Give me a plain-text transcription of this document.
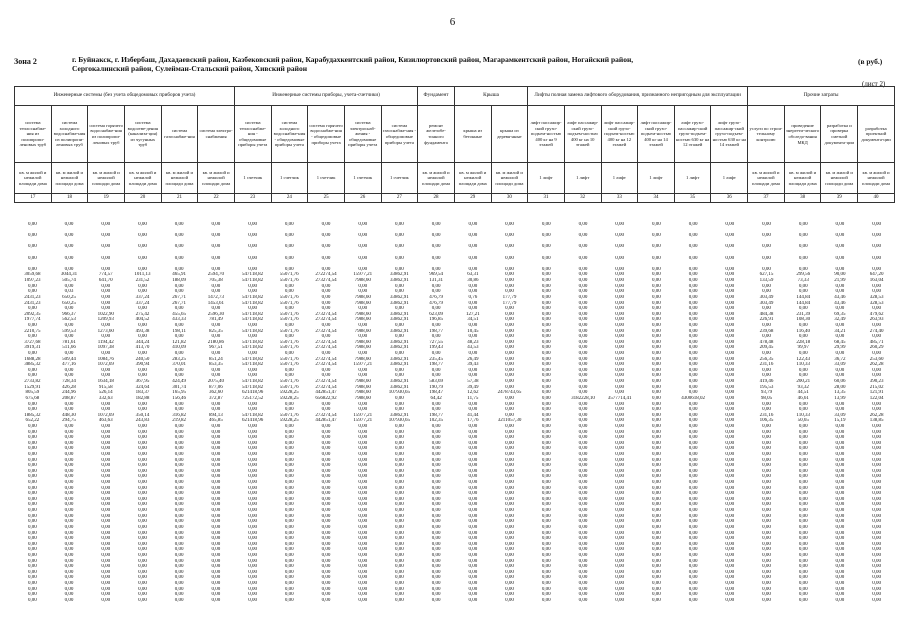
6
Зона 2	г. Буйнакск, г. Избербаш, Дахадаевский район, Казбековский район, Карабудахкентский район, Кизилюртовский район, Магарамкентский район, Ногайский район, Сергокалинский район, Сулейман-Стальский район, Хивский район
(в руб.)
(лист 2)
Инженерные системы (без учета общедомовых приборов учета)						Инженерные системы приборы, учета-счетчики)					Фундамент	Крыша		Лифты полная замена лифтового оборудования, признанного непригодным для эксплуатации						Прочие затраты			
система теплоснабже-ния из полипропи-леновых труб	система холодного водоснабже-ния из полипропи-леновых труб	система горячего водоснабже-ния из полипропи-леновых труб	система водоотве-дения (канализа-ция) из чугунных труб	система газоснабже-ния	система электро-снабжения	система теплоснабже-ния - общедомовые приборы учета	система холодного водоснабже-ния - общедомовые приборы учета	система горячего водоснабже-ния - общедомовые приборы учета	система электроснаб-жения - общедомовые приборы учета	система газоснабже-ния - общедомовые приборы учета	ремонт железобе-тонного фундамента	крыша из бетонные	крыша из деревя-нные	лифт пассажир-ский грузо-подъем-ностью 400 кг на 9 этажей	лифт пассажир-ский грузо-подъем-ностью 400 кг на 10 этажей	лифт пассажир-ский грузо-подъем-ностью 400 кг на 12 этажей	лифт пассажир-ский грузо-подъем-ностью 400 кг на 14 этажей	лифт грузо-пассажир-ский грузо-подъем-ностью 630 кг на 12 этажей	лифт грузо-пассажир-ский грузо-подъем-ностью 630 кг на 14 этажей	услуги по строи-тельному контролю	проведение энергети-ческого обследо-вания МКД	разработка и проверка сметной документа-ции	разработка проектной документа-ции
кв. м жилой и нежилой площади дома	кв. м жилой и нежилой площади дома	кв. м жилой и нежилой площади дома	кв. м жилой и нежилой площади дома	кв. м жилой и нежилой площади дома	кв. м жилой и нежилой площади дома	1 счетчик	1 счетчик	1 счетчик	1 счетчик	1 счетчик	кв. м жилой и нежилой площади дома	кв. м жилой и нежилой площади дома	кв. м жилой и нежилой площади дома	1 лифт	1 лифт	1 лифт	1 лифт	1 лифт	1 лифт	кв. м жилой и нежилой площади дома	кв. м жилой и нежилой площади дома	кв. м жилой и нежилой площади дома	кв. м жилой и нежилой площади дома
17	18	19	20	21	22	23	24	25	26	27	28	29	30	31	32	33	34	35	36	37	38	39	40
0,00	0,00	0,00	0,00	0,00	0,00	0,00	0,00	0,00	0,00	0,00	0,00	0,00	0,00	0,00	0,00	0,00	0,00	0,00	0,00	0,00	0,00	0,00	0,00
0,00	0,00	0,00	0,00	0,00	0,00	0,00	0,00	0,00	0,00	0,00	0,00	0,00	0,00	0,00	0,00	0,00	0,00	0,00	0,00	0,00	0,00	0,00	0,00
0,00	0,00	0,00	0,00	0,00	0,00	0,00	0,00	0,00	0,00	0,00	0,00	0,00	0,00	0,00	0,00	0,00	0,00	0,00	0,00	0,00	0,00	0,00	0,00
0,00	0,00	0,00	0,00	0,00	0,00	0,00	0,00	0,00	0,00	0,00	0,00	0,00	0,00	0,00	0,00	0,00	0,00	0,00	0,00	0,00	0,00	0,00	0,00
0,00	0,00	0,00	0,00	0,00	0,00	0,00	0,00	0,00	0,00	0,00	0,00	0,00	0,00	0,00	0,00	0,00	0,00	0,00	0,00	0,00	0,00	0,00	0,00
3059,68	3044,31	774,57	1011,13	465,91	2594,70	547118,82	55071,76	272274,54	15977,21	33862,91	969,54	63,31	0,00	0,00	0,00	0,00	0,00	0,00	0,00	627,15	299,56	90,00	647,20
1097,23	505,74	641,70	231,52	188,09	705,38	547118,82	55071,76	273274,54	7988,60	33862,91	131,31	30,86	0,00	0,00	0,00	0,00	0,00	0,00	0,00	133,59	73,33	21,99	163,04
0,00	0,00	0,00	0,00	0,00	0,00	0,00	0,00	0,00	0,00	0,00	0,00	0,00	0,00	0,00	0,00	0,00	0,00	0,00	0,00	0,00	0,00	0,00	0,00
0,00	0,03	0,00	0,00	0,00	0,00	0,00	0,00	0,00	0,00	0,00	0,00	0,00	0,00	0,00	0,00	0,00	0,00	0,00	0,00	0,00	0,00	0,00	0,00
2431,23	650,25	0,00	337,24	267,71	1472,73	547118,82	55071,76	0,00	7988,60	33862,91	476,79	0,76	177,79	0,00	0,00	0,00	0,00	0,00	0,00	303,49	144,84	43,46	328,53
2431,23	650,25	0,00	337,24	267,71	1453,61	547118,82	55071,76	0,00	7988,60	33862,91	476,79	0,00	177,79	0,00	0,00	0,00	0,00	0,00	0,00	303,49	144,84	43,46	328,53
0,00	0,00	0,00	0,00	0,00	0,00	0,00	0,00	0,00	0,00	0,00	0,00	0,00	0,00	0,00	0,00	0,00	0,00	0,00	0,00	0,00	0,00	0,00	0,00
2092,35	966,37	1022,90	275,42	455,65	2596,30	547118,82	55071,76	273274,54	7988,60	33862,91	623,09	127,21	0,00	0,00	0,00	0,00	0,00	0,00	0,00	484,38	231,39	69,35	479,62
1977,74	562,53	1209,93	404,52	433,33	781,49	547118,82	55071,76	273274,54	7988,60	33862,91	196,85	34,51	0,00	0,00	0,00	0,00	0,00	0,00	0,00	226,91	108,30	32,49	263,93
0,00	0,00	0,00	0,00	0,00	0,00	0,00	0,00	0,00	0,00	0,00	0,00	0,00	0,00	0,00	0,00	0,00	0,00	0,00	0,00	0,00	0,00	0,00	0,00
2210,75	599,53	1273,60	493,38	198,11	825,35	547118,82	55071,76	273274,54	7988,60	33862,91	198,77	10,45	0,00	0,00	0,00	0,00	0,00	0,00	0,00	239,68	116,40	34,21	274,40
0,00	0,00	0,00	0,00	0,00	0,00	0,00	0,00	0,00	0,00	0,00	0,00	0,00	0,00	0,00	0,00	0,00	0,00	0,00	0,00	0,00	0,00	0,00	0,00
3727,68	781,61	1194,42	344,24	121,82	2180,86	547118,82	55071,76	273274,54	7988,60	33862,91	727,55	48,23	0,00	0,00	0,00	0,00	0,00	0,00	0,00	478,48	228,18	68,45	485,71
3919,31	511,66	1097,38	413,70	410,09	967,51	547118,82	55071,76	273274,54	7988,60	33862,91	199,43	43,53	0,00	0,00	0,00	0,00	0,00	0,00	0,00	209,45	99,97	29,99	260,29
0,00	0,00	0,00	0,00	0,00	0,00	0,00	0,00	0,00	0,00	0,00	0,00	0,00	0,00	0,00	0,00	0,00	0,00	0,00	0,00	0,00	0,00	0,00	0,00
1688,28	509,44	1084,76	240,50	283,25	851,24	547118,82	55071,76	273274,54	7988,60	33862,91	235,45	26,49	0,00	0,00	0,00	0,00	0,00	0,00	0,00	256,35	122,43	36,72	253,60
3885,32	477,16	1072,69	390,94	370,01	853,35	547118,82	55071,76	273274,54	15977,21	33862,91	198,77	39,43	0,00	0,00	0,00	0,00	0,00	0,00	0,00	231,16	110,33	33,09	262,28
0,00	0,00	0,00	0,00	0,00	0,00	0,00	0,00	0,00	0,00	0,00	0,00	0,00	0,00	0,00	0,00	0,00	0,00	0,00	0,00	0,00	0,00	0,00	0,00
0,00	0,00	0,00	0,00	0,00	0,00	0,00	0,00	0,00	0,00	0,00	0,00	0,00	0,00	0,00	0,00	0,00	0,00	0,00	0,00	0,00	0,00	0,00	0,00
2733,82	728,34	1634,18	367,95	424,49	2075,40	547118,82	55071,76	273274,54	7988,60	33862,91	583,69	57,38	0,00	0,00	0,00	0,00	0,00	0,00	0,00	419,46	200,21	60,06	390,23
1529,91	426,28	915,58	324,64	301,74	877,06	547118,82	55071,76	273274,54	7988,60	33862,91	190,79	39,49	0,00	0,00	0,00	0,00	0,00	0,00	0,00	195,53	93,32	28,00	215,02
805,59	244,96	526,14	183,37	165,95	362,60	621418,96	59228,25	442851,47	7988,60	107930,65	198,47	12,62	2478743,65	0,00	0,00	0,00	0,00	0,00	0,00	93,79	44,51	13,35	121,91
675,68	208,87	332,63	182,88	156,46	372,87	725172,52	59228,25	656822,92	7988,60	0,00	64,42	11,75	0,00	0,00	3182228,10	3577714,41	0,00	4300618,02	0,00	98,05	46,61	13,99	122,04
0,00	0,00	0,00	0,00	0,00	0,00	0,00	0,00	0,00	0,00	0,00	0,00	0,00	0,00	0,00	0,00	0,00	0,00	0,00	0,00	0,00	0,00	0,00	0,00
0,00	0,00	0,00	0,00	0,00	0,00	0,00	0,00	0,00	0,00	0,00	0,00	0,00	0,00	0,00	0,00	0,00	0,00	0,00	0,00	0,00	0,00	0,00	0,00
1885,32	448,30	1072,69	350,14	316,82	894,13	547118,82	55071,76	273274,54	15977,21	33862,91	198,77	41,44	0,00	0,00	0,00	0,00	0,00	0,00	0,00	231,16	110,33	33,09	262,28
652,22	294,75	463,63	243,83	219,82	465,85	621418,96	59228,25	442851,47	15977,21	107930,65	102,35	17,76	3211057,30	0,00	0,00	0,00	0,00	0,00	0,00	106,35	50,65	15,19	138,85
0,00	0,00	0,00	0,00	0,00	0,00	0,00	0,00	0,00	0,00	0,00	0,00	0,00	0,00	0,00	0,00	0,00	0,00	0,00	0,00	0,00	0,00	0,00	0,00
0,00	0,00	0,00	0,00	0,00	0,00	0,00	0,00	0,00	0,00	0,00	0,00	0,00	0,00	0,00	0,00	0,00	0,00	0,00	0,00	0,00	0,00	0,00	0,00
0,00	0,00	0,00	0,00	0,00	0,00	0,00	0,00	0,00	0,00	0,00	0,00	0,00	0,00	0,00	0,00	0,00	0,00	0,00	0,00	0,00	0,00	0,00	0,00
0,00	0,00	0,00	0,00	0,00	0,00	0,00	0,00	0,00	0,00	0,00	0,00	0,00	0,00	0,00	0,00	0,00	0,00	0,00	0,00	0,00	0,00	0,00	0,00
0,00	0,00	0,00	0,00	0,00	0,00	0,00	0,00	0,00	0,00	0,00	0,00	0,00	0,00	0,00	0,00	0,00	0,00	0,00	0,00	0,00	0,00	0,00	0,00
0,00	0,00	0,00	0,00	0,00	0,00	0,00	0,00	0,00	0,00	0,00	0,00	0,00	0,00	0,00	0,00	0,00	0,00	0,00	0,00	0,00	0,00	0,00	0,00
0,00	0,00	0,00	0,00	0,00	0,00	0,00	0,00	0,00	0,00	0,00	0,00	0,00	0,00	0,00	0,00	0,00	0,00	0,00	0,00	0,00	0,00	0,00	0,00
0,00	0,00	0,00	0,00	0,00	0,00	0,00	0,00	0,00	0,00	0,00	0,00	0,00	0,00	0,00	0,00	0,00	0,00	0,00	0,00	0,00	0,00	0,00	0,00
0,00	0,00	0,00	0,00	0,00	0,00	0,00	0,00	0,00	0,00	0,00	0,00	0,00	0,00	0,00	0,00	0,00	0,00	0,00	0,00	0,00	0,00	0,00	0,00
0,00	0,00	0,00	0,00	0,00	0,00	0,00	0,00	0,00	0,00	0,00	0,00	0,00	0,00	0,00	0,00	0,00	0,00	0,00	0,00	0,00	0,00	0,00	0,00
0,00	0,00	0,00	0,00	0,00	0,00	0,00	0,00	0,00	0,00	0,00	0,00	0,00	0,00	0,00	0,00	0,00	0,00	0,00	0,00	0,00	0,00	0,00	0,00
0,00	0,00	0,00	0,00	0,00	0,00	0,00	0,00	0,00	0,00	0,00	0,00	0,00	0,00	0,00	0,00	0,00	0,00	0,00	0,00	0,00	0,00	0,00	0,00
0,00	0,00	0,00	0,00	0,00	0,00	0,00	0,00	0,00	0,00	0,00	0,00	0,00	0,00	0,00	0,00	0,00	0,00	0,00	0,00	0,00	0,00	0,00	0,00
0,00	0,00	0,00	0,00	0,00	0,00	0,00	0,00	0,00	0,00	0,00	0,00	0,00	0,00	0,00	0,00	0,00	0,00	0,00	0,00	0,00	0,00	0,00	0,00
0,00	0,00	0,00	0,00	0,00	0,00	0,00	0,00	0,00	0,00	0,00	0,00	0,00	0,00	0,00	0,00	0,00	0,00	0,00	0,00	0,00	0,00	0,00	0,00
0,00	0,00	0,00	0,00	0,00	0,00	0,00	0,00	0,00	0,00	0,00	0,00	0,00	0,00	0,00	0,00	0,00	0,00	0,00	0,00	0,00	0,00	0,00	0,00
0,00	0,00	0,00	0,00	0,00	0,00	0,00	0,00	0,00	0,00	0,00	0,00	0,00	0,00	0,00	0,00	0,00	0,00	0,00	0,00	0,00	0,00	0,00	0,00
0,00	0,00	0,00	0,00	0,00	0,00	0,00	0,00	0,00	0,00	0,00	0,00	0,00	0,00	0,00	0,00	0,00	0,00	0,00	0,00	0,00	0,00	0,00	0,00
0,00	0,00	0,00	0,00	0,00	0,00	0,00	0,00	0,00	0,00	0,00	0,00	0,00	0,00	0,00	0,00	0,00	0,00	0,00	0,00	0,00	0,00	0,00	0,00
0,00	0,00	0,00	0,00	0,00	0,00	0,00	0,00	0,00	0,00	0,00	0,00	0,00	0,00	0,00	0,00	0,00	0,00	0,00	0,00	0,00	0,00	0,00	0,00
0,00	0,00	0,00	0,00	0,00	0,00	0,00	0,00	0,00	0,00	0,00	0,00	0,00	0,00	0,00	0,00	0,00	0,00	0,00	0,00	0,00	0,00	0,00	0,00
0,00	0,00	0,00	0,00	0,00	0,00	0,00	0,00	0,00	0,00	0,00	0,00	0,00	0,00	0,00	0,00	0,00	0,00	0,00	0,00	0,00	0,00	0,00	0,00
0,00	0,00	0,00	0,00	0,00	0,00	0,00	0,00	0,00	0,00	0,00	0,00	0,00	0,00	0,00	0,00	0,00	0,00	0,00	0,00	0,00	0,00	0,00	0,00
0,00	0,00	0,00	0,00	0,00	0,00	0,00	0,00	0,00	0,00	0,00	0,00	0,00	0,00	0,00	0,00	0,00	0,00	0,00	0,00	0,00	0,00	0,00	0,00
0,00	0,00	0,00	0,00	0,00	0,00	0,00	0,00	0,00	0,00	0,00	0,00	0,00	0,00	0,00	0,00	0,00	0,00	0,00	0,00	0,00	0,00	0,00	0,00
0,00	0,00	0,00	0,00	0,00	0,00	0,00	0,00	0,00	0,00	0,00	0,00	0,00	0,00	0,00	0,00	0,00	0,00	0,00	0,00	0,00	0,00	0,00	0,00
0,00	0,00	0,00	0,00	0,00	0,00	0,00	0,00	0,00	0,00	0,00	0,00	0,00	0,00	0,00	0,00	0,00	0,00	0,00	0,00	0,00	0,00	0,00	0,00
0,00	0,00	0,00	0,00	0,00	0,00	0,00	0,00	0,00	0,00	0,00	0,00	0,00	0,00	0,00	0,00	0,00	0,00	0,00	0,00	0,00	0,00	0,00	0,00
0,00	0,00	0,00	0,00	0,00	0,00	0,00	0,00	0,00	0,00	0,00	0,00	0,00	0,00	0,00	0,00	0,00	0,00	0,00	0,00	0,00	0,00	0,00	0,00
0,00	0,00	0,00	0,00	0,00	0,00	0,00	0,00	0,00	0,00	0,00	0,00	0,00	0,00	0,00	0,00	0,00	0,00	0,00	0,00	0,00	0,00	0,00	0,00
0,00	0,00	0,00	0,00	0,00	0,00	0,00	0,00	0,00	0,00	0,00	0,00	0,00	0,00	0,00	0,00	0,00	0,00	0,00	0,00	0,00	0,00	0,00	0,00
0,00	0,00	0,00	0,00	0,00	0,00	0,00	0,00	0,00	0,00	0,00	0,00	0,00	0,00	0,00	0,00	0,00	0,00	0,00	0,00	0,00	0,00	0,00	0,00
